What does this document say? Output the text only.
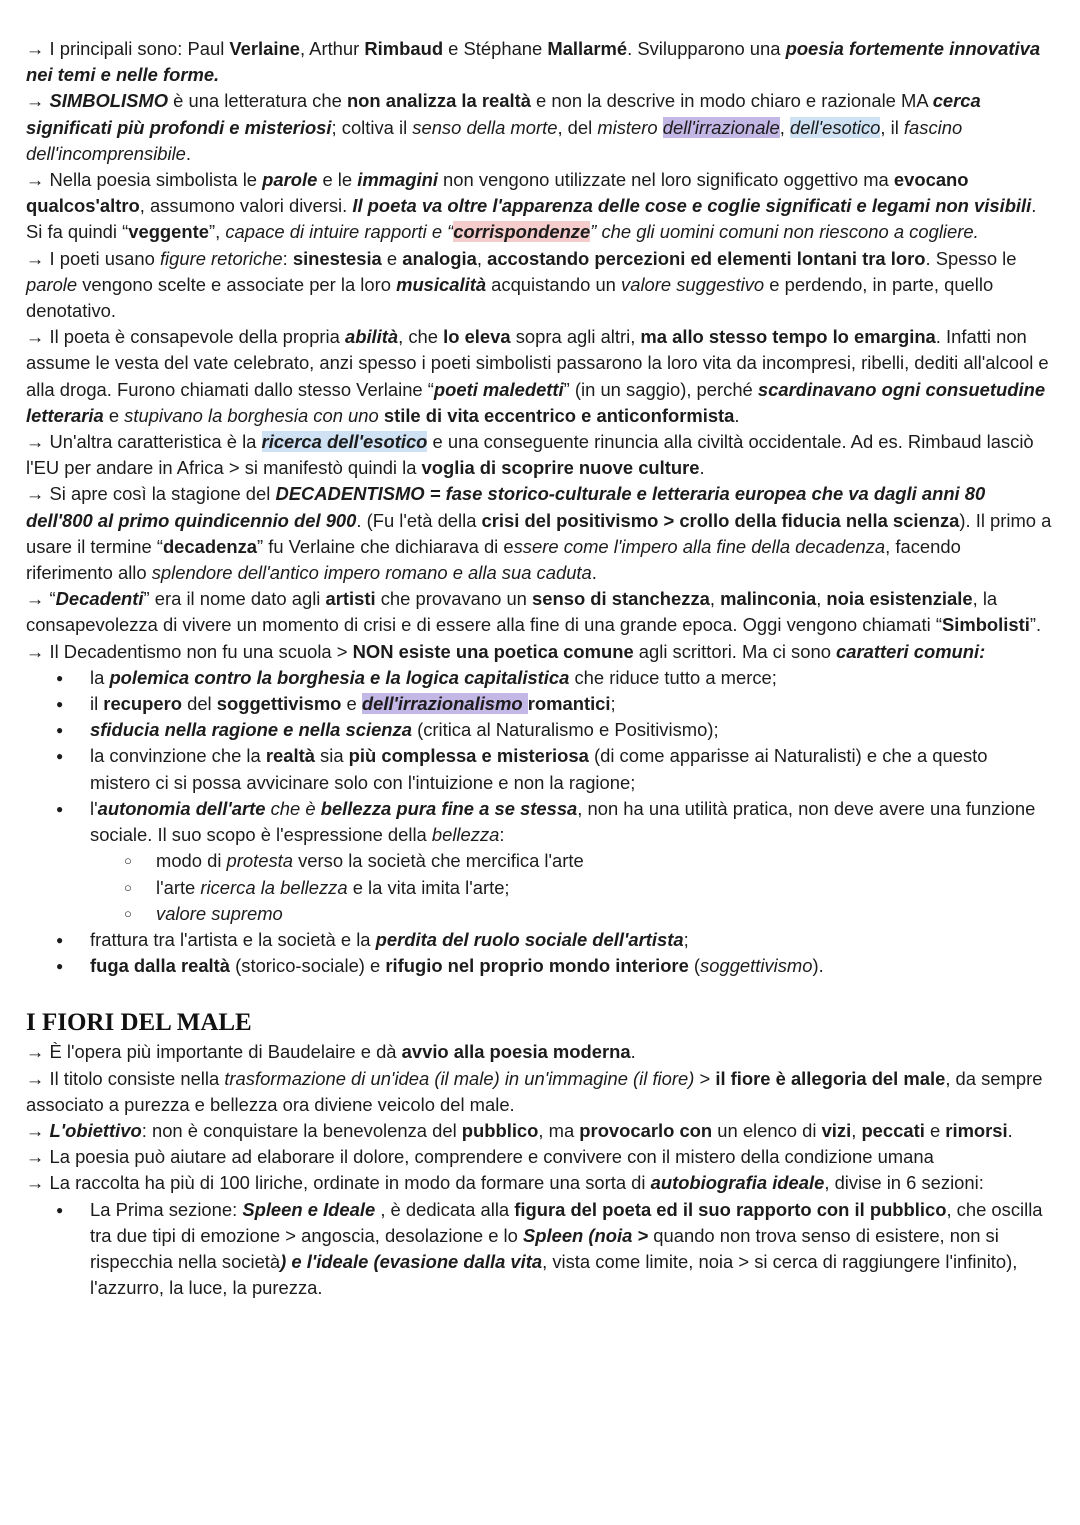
→ I principali sono: Paul Verlaine, Arthur Rimbaud e Stéphane Mallarmé. Svilupparono una poesia fortemente innovativa nei temi e nelle forme.

→ SIMBOLISMO è una letteratura che non analizza la realtà e non la descrive in modo chiaro e razionale MA cerca significati più profondi e misteriosi; coltiva il senso della morte, del mistero dell'irrazionale, dell'esotico, il fascino dell'incomprensibile.

→ Nella poesia simbolista le parole e le immagini non vengono utilizzate nel loro significato oggettivo ma evocano qualcos'altro, assumono valori diversi. Il poeta va oltre l'apparenza delle cose e coglie significati e legami non visibili. Si fa quindi “veggente”, capace di intuire rapporti e “corrispondenze” che gli uomini comuni non riescono a cogliere.

→ I poeti usano figure retoriche: sinestesia e analogia, accostando percezioni ed elementi lontani tra loro. Spesso le parole vengono scelte e associate per la loro musicalità acquistando un valore suggestivo e perdendo, in parte, quello denotativo.

→ Il poeta è consapevole della propria abilità, che lo eleva sopra agli altri, ma allo stesso tempo lo emargina. Infatti non assume le vesta del vate celebrato, anzi spesso i poeti simbolisti passarono la loro vita da incompresi, ribelli, dediti all'alcool e alla droga. Furono chiamati dallo stesso Verlaine “poeti maledetti” (in un saggio), perché scardinavano ogni consuetudine letteraria e stupivano la borghesia con uno stile di vita eccentrico e anticonformista.

→ Un'altra caratteristica è la ricerca dell'esotico e una conseguente rinuncia alla civiltà occidentale. Ad es. Rimbaud lasciò l'EU per andare in Africa > si manifestò quindi la voglia di scoprire nuove culture.

→ Si apre così la stagione del DECADENTISMO = fase storico-culturale e letteraria europea che va dagli anni 80 dell'800 al primo quindicennio del 900. (Fu l'età della crisi del positivismo > crollo della fiducia nella scienza). Il primo a usare il termine “decadenza” fu Verlaine che dichiarava di essere come l'impero alla fine della decadenza, facendo riferimento allo splendore dell'antico impero romano e alla sua caduta.

→ “Decadenti” era il nome dato agli artisti che provavano un senso di stanchezza, malinconia, noia esistenziale, la consapevolezza di vivere un momento di crisi e di essere alla fine di una grande epoca. Oggi vengono chiamati “Simbolisti”.

→ Il Decadentismo non fu una scuola > NON esiste una poetica comune agli scrittori. Ma ci sono caratteri comuni:

● la polemica contro la borghesia e la logica capitalistica che riduce tutto a merce;
● il recupero del soggettivismo e dell'irrazionalismo romantici;
● sfiducia nella ragione e nella scienza (critica al Naturalismo e Positivismo);
● la convinzione che la realtà sia più complessa e misteriosa (di come apparisse ai Naturalisti) e che a questo mistero ci si possa avvicinare solo con l'intuizione e non la ragione;
● l'autonomia dell'arte che è bellezza pura fine a se stessa, non ha una utilità pratica, non deve avere una funzione sociale. Il suo scopo è l'espressione della bellezza:
○ modo di protesta verso la società che mercifica l'arte
○ l'arte ricerca la bellezza e la vita imita l'arte;
○ valore supremo
● frattura tra l'artista e la società e la perdita del ruolo sociale dell'artista;
● fuga dalla realtà (storico-sociale) e rifugio nel proprio mondo interiore (soggettivismo).
I FIORI DEL MALE

→ È l'opera più importante di Baudelaire e dà avvio alla poesia moderna.

→ Il titolo consiste nella trasformazione di un'idea (il male) in un'immagine (il fiore) > il fiore è allegoria del male, da sempre associato a purezza e bellezza ora diviene veicolo del male.

→ L'obiettivo: non è conquistare la benevolenza del pubblico, ma provocarlo con un elenco di vizi, peccati e rimorsi.

→ La poesia può aiutare ad elaborare il dolore, comprendere e convivere con il mistero della condizione umana

→ La raccolta ha più di 100 liriche, ordinate in modo da formare una sorta di autobiografia ideale, divise in 6 sezioni:

● La Prima sezione: Spleen e Ideale , è dedicata alla figura del poeta ed il suo rapporto con il pubblico, che oscilla tra due tipi di emozione > angoscia, desolazione e lo Spleen (noia > quando non trova senso di esistere, non si rispecchia nella società) e l'ideale (evasione dalla vita, vista come limite, noia > si cerca di raggiungere l'infinito), l'azzurro, la luce, la purezza.
